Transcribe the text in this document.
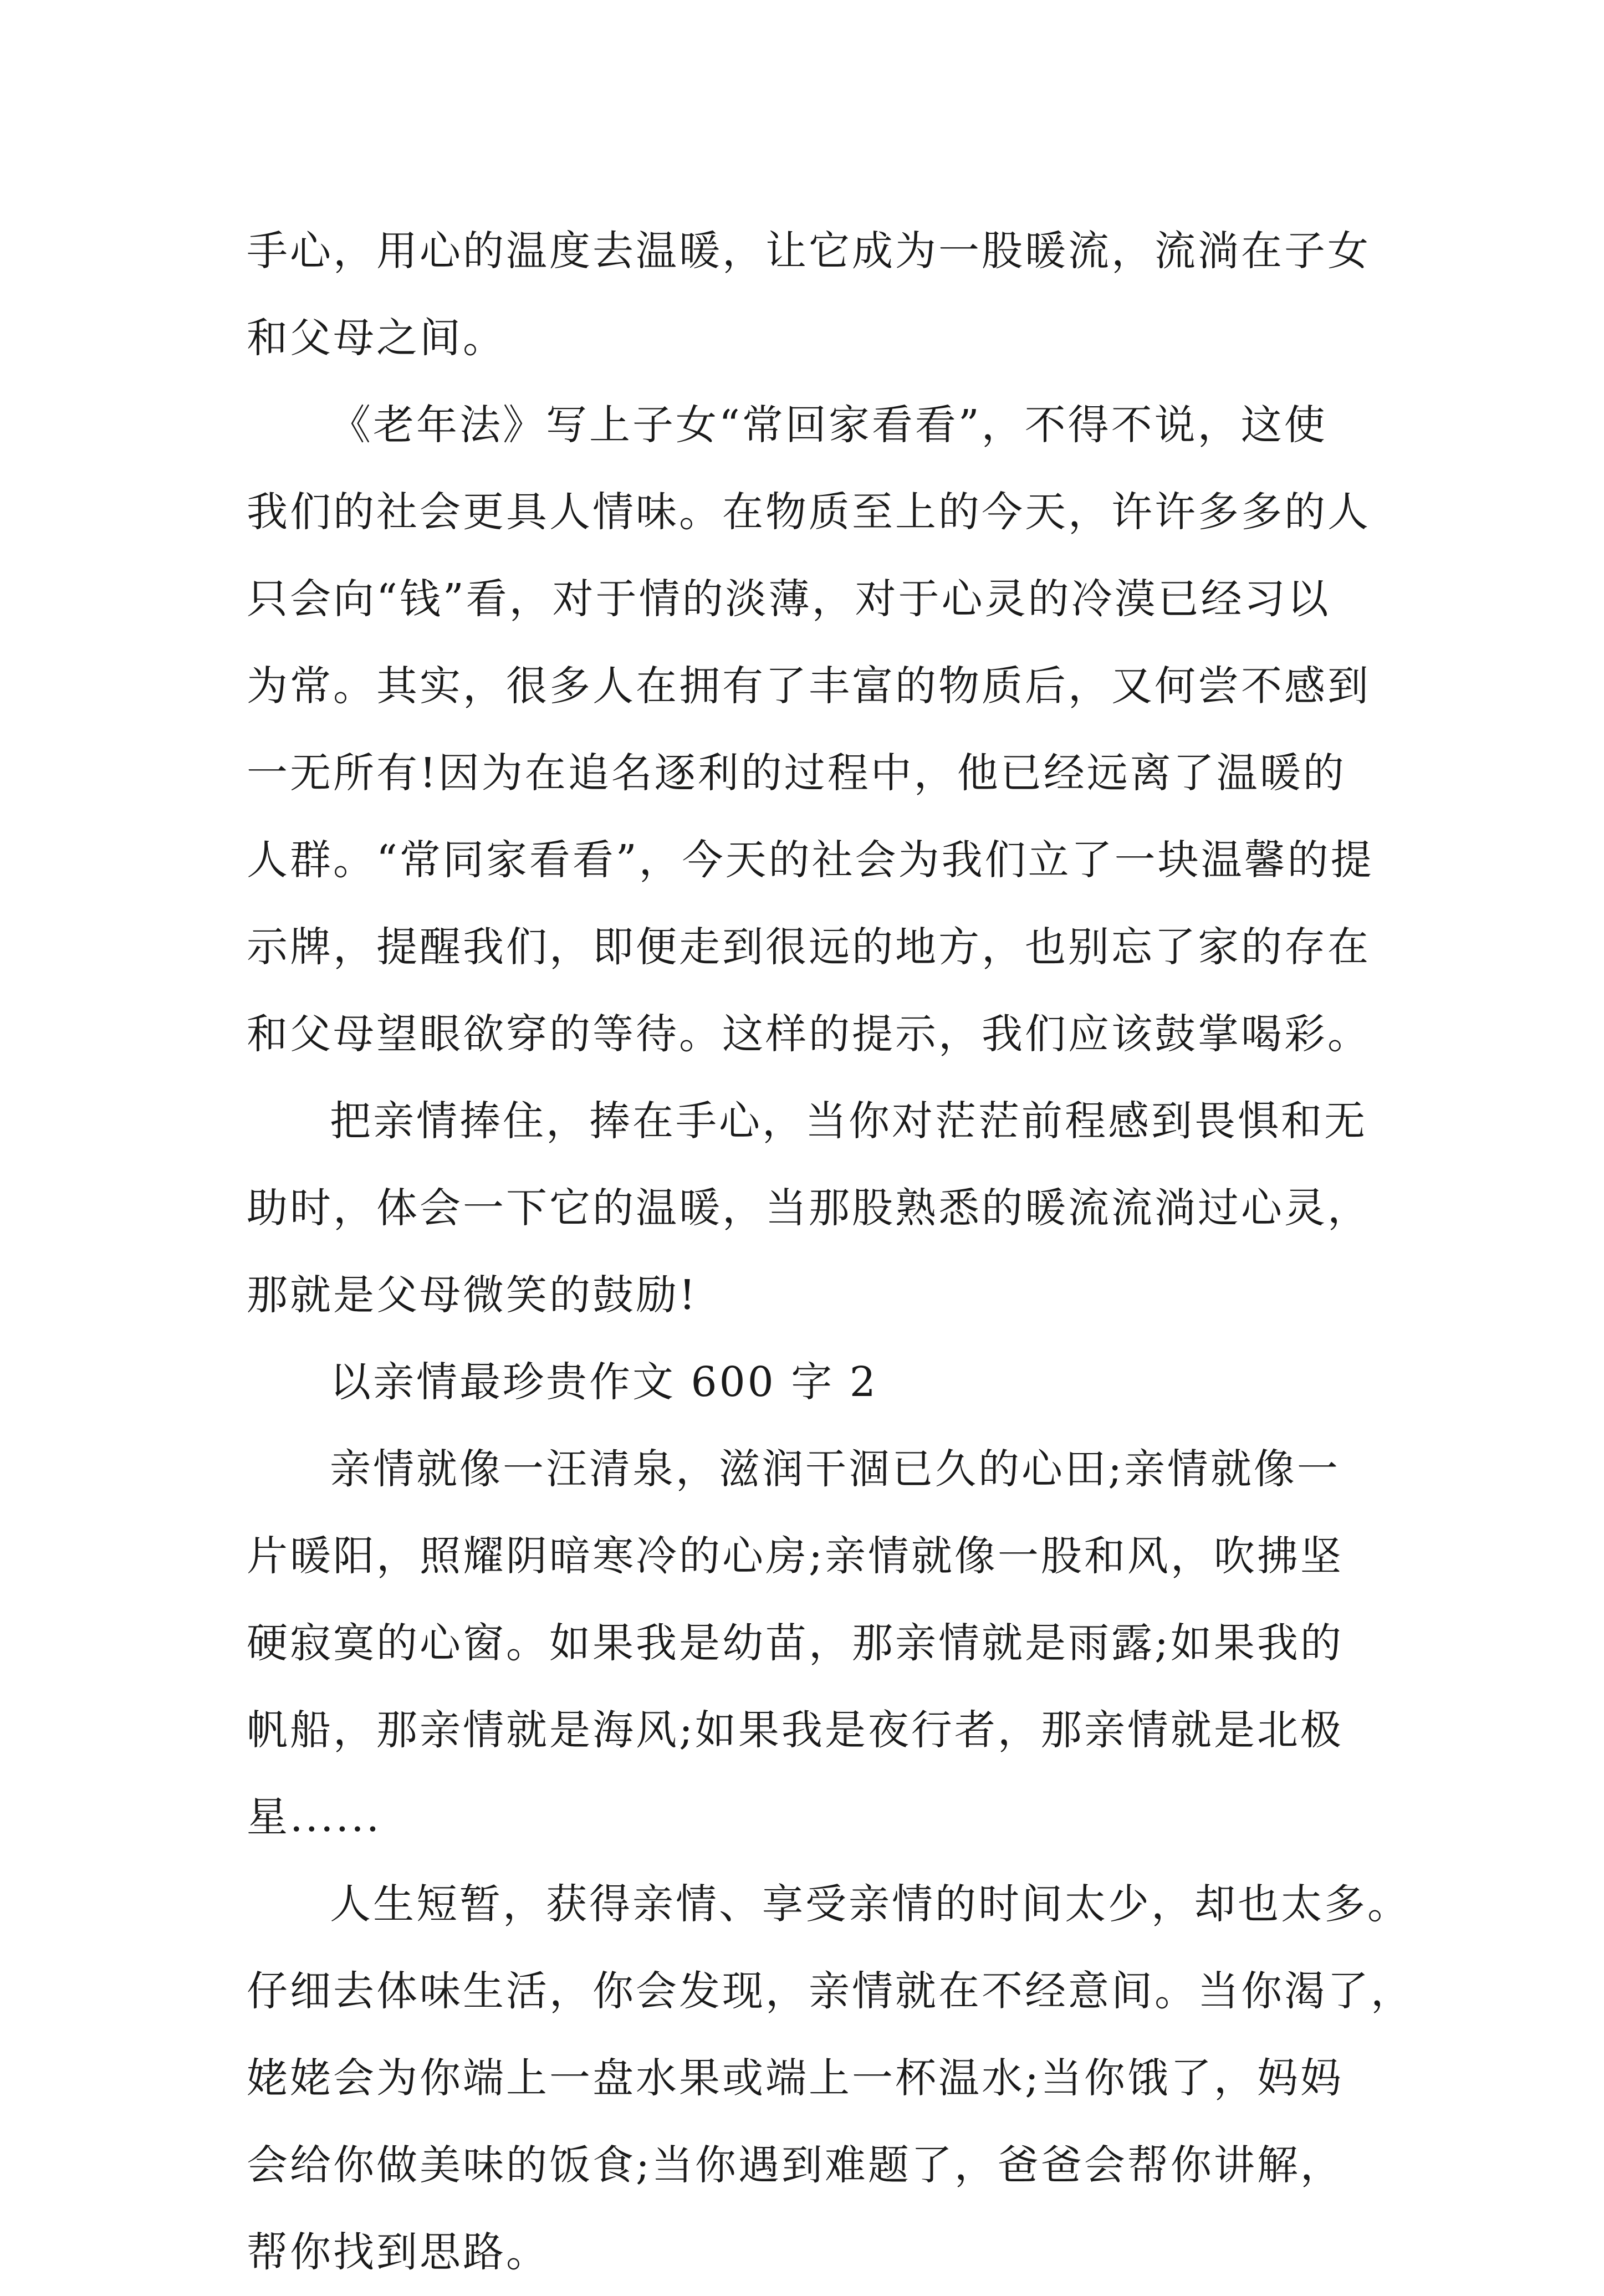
手心，用心的温度去温暖，让它成为一股暖流，流淌在子女
和父母之间。
《老年法》写上子女“常回家看看”，不得不说，这使
我们的社会更具人情味。在物质至上的今天，许许多多的人
只会向“钱”看，对于情的淡薄，对于心灵的冷漠已经习以
为常。其实，很多人在拥有了丰富的物质后，又何尝不感到
一无所有!因为在追名逐利的过程中，他已经远离了温暖的
人群。“常同家看看”，今天的社会为我们立了一块温馨的提
示牌，提醒我们，即便走到很远的地方，也别忘了家的存在
和父母望眼欲穿的等待。这样的提示，我们应该鼓掌喝彩。
把亲情捧住，捧在手心，当你对茫茫前程感到畏惧和无
助时，体会一下它的温暖，当那股熟悉的暖流流淌过心灵，
那就是父母微笑的鼓励!
以亲情最珍贵作文 600 字 2
亲情就像一汪清泉，滋润干涸已久的心田;亲情就像一
片暖阳，照耀阴暗寒冷的心房;亲情就像一股和风，吹拂坚
硬寂寞的心窗。如果我是幼苗，那亲情就是雨露;如果我的
帆船，那亲情就是海风;如果我是夜行者，那亲情就是北极
星......
人生短暂，获得亲情、享受亲情的时间太少，却也太多。
仔细去体味生活，你会发现，亲情就在不经意间。当你渴了，
姥姥会为你端上一盘水果或端上一杯温水;当你饿了，妈妈
会给你做美味的饭食;当你遇到难题了，爸爸会帮你讲解，
帮你找到思路。
